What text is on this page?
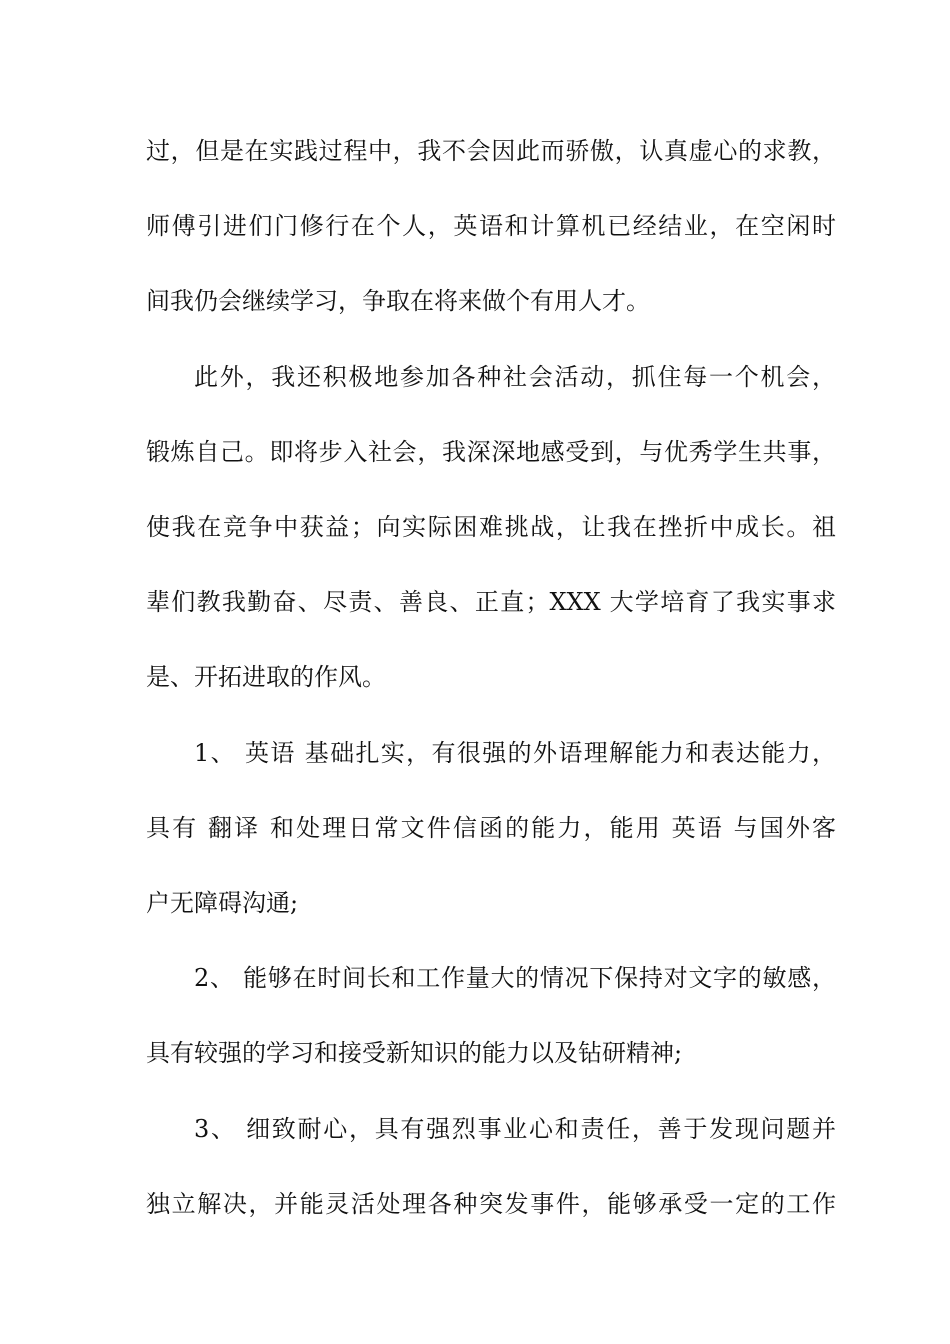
过，但是在实践过程中，我不会因此而骄傲，认真虚心的求教，
师傅引进们门修行在个人，英语和计算机已经结业，在空闲时
间我仍会继续学习，争取在将来做个有用人才。
此外，我还积极地参加各种社会活动，抓住每一个机会，
锻炼自己。即将步入社会，我深深地感受到，与优秀学生共事，
使我在竞争中获益；向实际困难挑战，让我在挫折中成长。祖
辈们教我勤奋、尽责、善良、正直；XXX 大学培育了我实事求
是、开拓进取的作风。
1、 英语 基础扎实，有很强的外语理解能力和表达能力，
具有 翻译 和处理日常文件信函的能力，能用 英语 与国外客
户无障碍沟通;
2、 能够在时间长和工作量大的情况下保持对文字的敏感，
具有较强的学习和接受新知识的能力以及钻研精神;
3、 细致耐心，具有强烈事业心和责任，善于发现问题并
独立解决，并能灵活处理各种突发事件，能够承受一定的工作
